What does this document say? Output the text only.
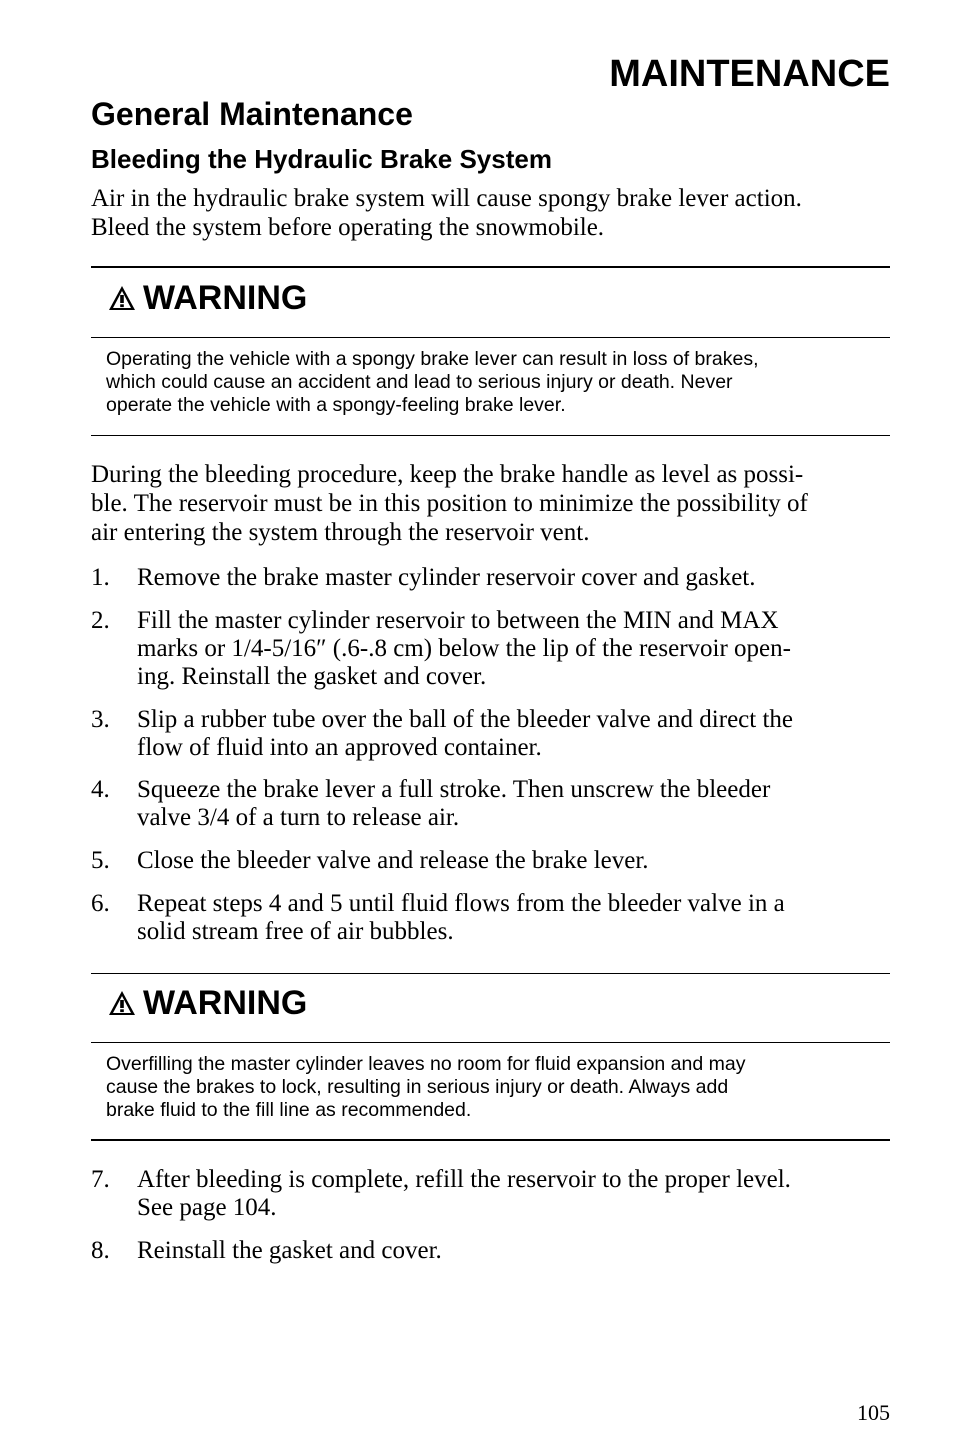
MAINTENANCE
General Maintenance
Bleeding the Hydraulic Brake System

Air in the hydraulic brake system will cause spongy brake lever action.
Bleed the system before operating the snowmobile.

WARNING

Operating the vehicle with a spongy brake lever can result in loss of brakes,
which could cause an accident and lead to serious injury or death. Never
operate the vehicle with a spongy-feeling brake lever.

During the bleeding procedure, keep the brake handle as level as possi-
ble. The reservoir must be in this position to minimize the possibility of
air entering the system through the reservoir vent.

1. Remove the brake master cylinder reservoir cover and gasket.
2. Fill the master cylinder reservoir to between the MIN and MAX
marks or 1/4-5/16″ (.6-.8 cm) below the lip of the reservoir open-
ing. Reinstall the gasket and cover.
3. Slip a rubber tube over the ball of the bleeder valve and direct the
flow of fluid into an approved container.
4. Squeeze the brake lever a full stroke. Then unscrew the bleeder
valve 3/4 of a turn to release air.
5. Close the bleeder valve and release the brake lever.
6. Repeat steps 4 and 5 until fluid flows from the bleeder valve in a
solid stream free of air bubbles.
WARNING

Overfilling the master cylinder leaves no room for fluid expansion and may
cause the brakes to lock, resulting in serious injury or death. Always add
brake fluid to the fill line as recommended.

7. After bleeding is complete, refill the reservoir to the proper level.
See page 104.
8. Reinstall the gasket and cover.
105
